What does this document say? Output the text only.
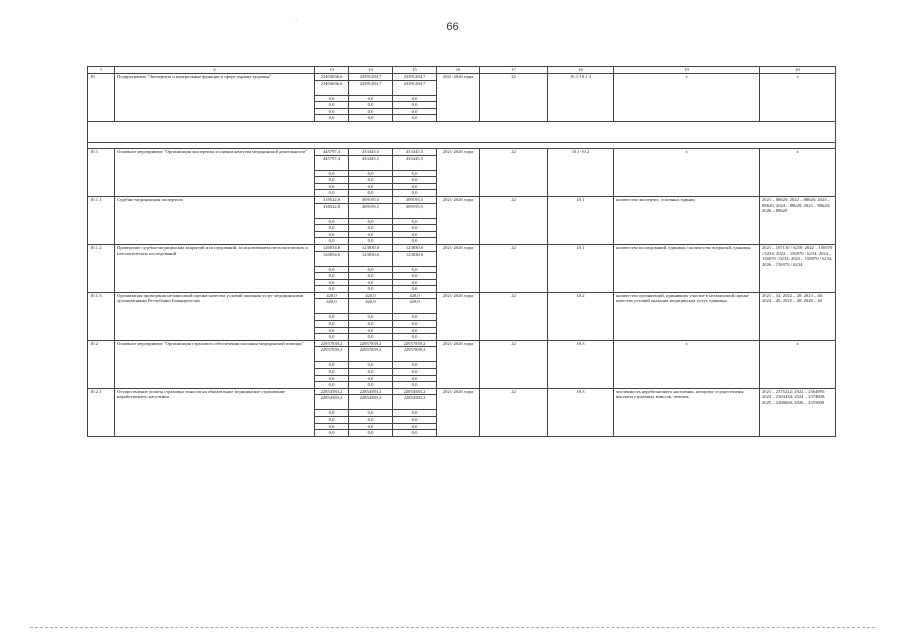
66
· ·
1	2	13	14	15	16	17	18	19	20
10	Подпрограмма "Экспертиза и контрольные функции в сфере охраны здоровья"	23403636,6	23391284,7	23391284,7	2021-2026 годы	22	10.1-10.1.3	x	x
		23403636,6	23391284,7	23391284,7					
		0,0	0,0	0,0					
		0,0	0,0	0,0					
		0,0	0,0	0,0					
		0,0	0,0	0,0					

10.1	Основное мероприятие "Организация экспертизы и оценки качества медицинской деятельности"	445797,4	433445,5	433445,5	2021-2026 годы	22	10.1-10.2	x	x
		445797,4	433445,5	433445,5					
		0,0	0,0	0,0					
		0,0	0,0	0,0					
		0,0	0,0	0,0					
		0,0	0,0	0,0					
10.1.1	Судебно-медицинская экспертиза	318522,8	309195,5	309195,5	2021-2026 годы	22	10.1	количество экспертиз, условных единиц	2021 – 88620; 2022 – 88620; 2023 – 88620; 2024 – 88620; 2025 – 88620; 2026 – 88620
		318522,8	309195,5	309195,5					
		0,0	0,0	0,0					
		0,0	0,0	0,0					
		0,0	0,0	0,0					
		0,0	0,0	0,0					
10.1.2	Проведение судебно-медицинских вскрытий и исследований, за исключением гистологических и патологических исследований	126854,6	123830,0	123830,0	2021-2026 годы	22	10.1	количество исследований, единицы / количество вскрытий, единицы	2021 – 187130 / 6250; 2022 – 156970 / 6234; 2023 – 156970 / 6234; 2024 – 156970 / 6234; 2025 – 156970 / 6234; 2026 – 156970 / 6234
		126854,6	123830,0	123830,0					
		0,0	0,0	0,0					
		0,0	0,0	0,0					
		0,0	0,0	0,0					
		0,0	0,0	0,0					
10.1.3	Организация проведения независимой оценки качества условий оказания услуг медицинскими организациями Республики Башкортостан	420,0	420,0	420,0	2021-2026 годы	22	10.2	количество организаций, принявших участие в независимой оценке качества условий оказания медицинских услуг, единицы	2021 – 54; 2022 – 28; 2023 – 40; 2024 – 40; 2025 – 40; 2026 – 40
		420,0	420,0	420,0					
		0,0	0,0	0,0					
		0,0	0,0	0,0					
		0,0	0,0	0,0					
		0,0	0,0	0,0					
10.2	Основное мероприятие "Организация страхового обеспечения оказания медицинской помощи"	22957839,2	22957839,2	22957839,2	2021-2026 годы	22	10.3	x	x
		22957839,2	22957839,2	22957839,2					
		0,0	0,0	0,0					
		0,0	0,0	0,0					
		0,0	0,0	0,0					
		0,0	0,0	0,0					
10.2.1	Осуществление уплаты страховых взносов на обязательное медицинское страхование неработающего населения	22854583,2	22854583,2	22854583,2	2021-2026 годы	22	10.3	численность неработающего населения, которому осуществлены выплаты страховых взносов, человек	2021 – 2375222; 2022 – 2364995; 2023 – 2363434; 2024 – 2374000; 2025 – 2368600; 2026 – 2355000
		22854583,2	22854583,2	22854583,2					
		0,0	0,0	0,0					
		0,0	0,0	0,0					
		0,0	0,0	0,0					
		0,0	0,0	0,0					
